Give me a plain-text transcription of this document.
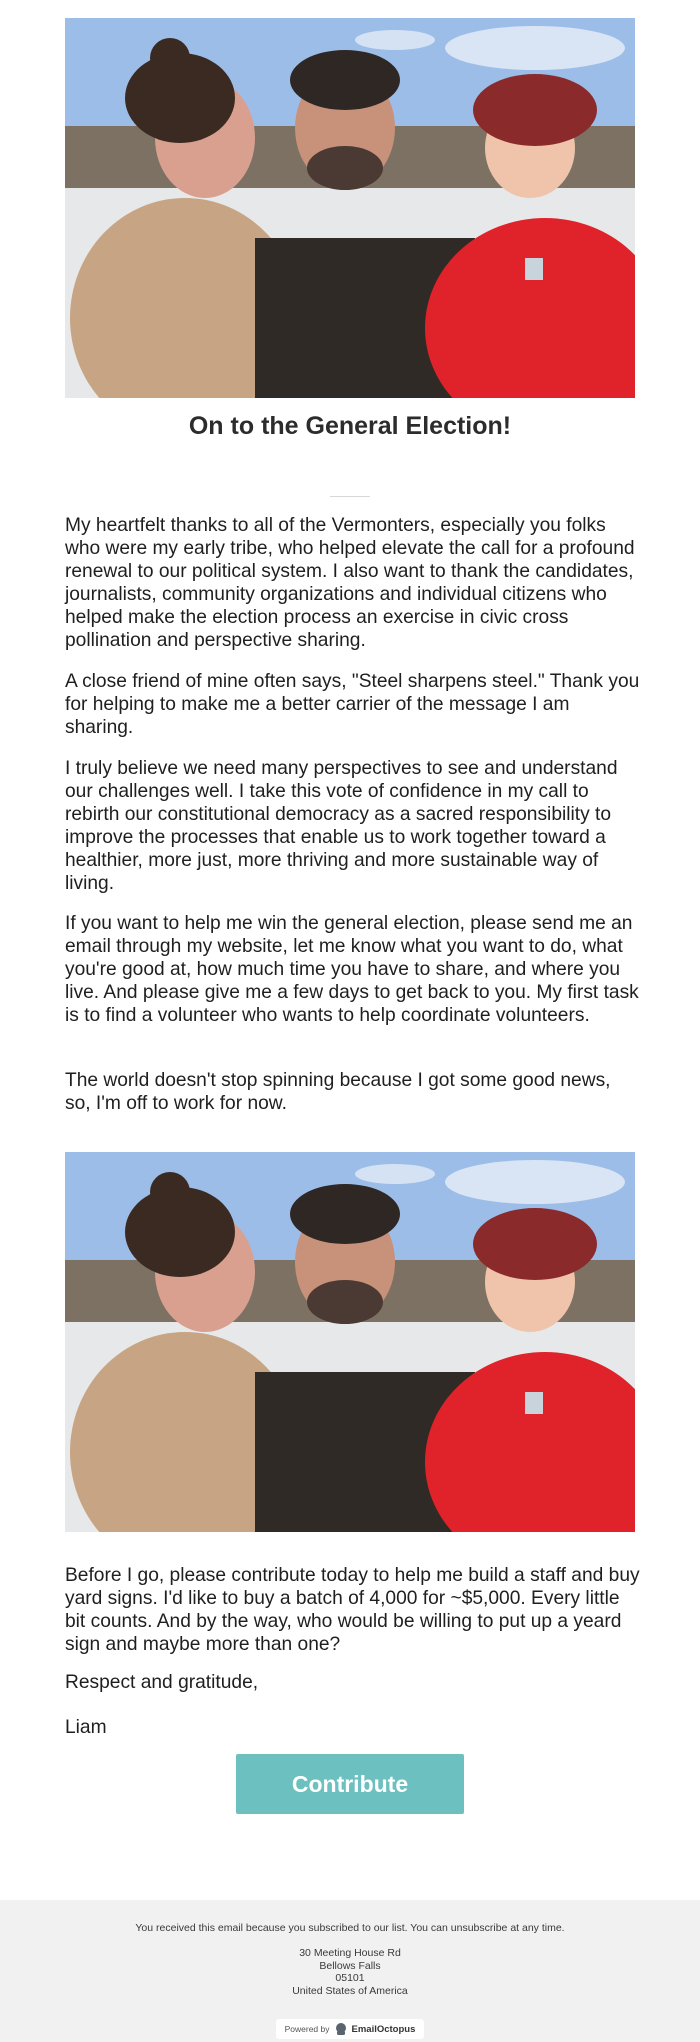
On to the General Election!

My heartfelt thanks to all of the Vermonters, especially you folks who were my early tribe, who helped elevate the call for a profound renewal to our political system. I also want to thank the candidates, journalists, community organizations and individual citizens who helped make the election process an exercise in civic cross pollination and perspective sharing.

A close friend of mine often says, "Steel sharpens steel." Thank you for helping to make me a better carrier of the message I am sharing.

I truly believe we need many perspectives to see and understand our challenges well. I take this vote of confidence in my call to rebirth our constitutional democracy as a sacred responsibility to improve the processes that enable us to work together toward a healthier, more just, more thriving and more sustainable way of living.

If you want to help me win the general election, please send me an email through my website, let me know what you want to do, what you're good at, how much time you have to share, and where you live. And please give me a few days to get back to you. My first task is to find a volunteer who wants to help coordinate volunteers.

The world doesn't stop spinning because I got some good news, so, I'm off to work for now.

Before I go, please contribute today to help me build a staff and buy yard signs. I'd like to buy a batch of 4,000 for ~$5,000. Every little bit counts. And by the way, who would be willing to put up a yeard sign and maybe more than one?

Respect and gratitude,

Liam

Contribute
You received this email because you subscribed to our list. You can unsubscribe at any time.
30 Meeting House Rd
Bellows Falls
05101
United States of America
Powered by EmailOctopus
